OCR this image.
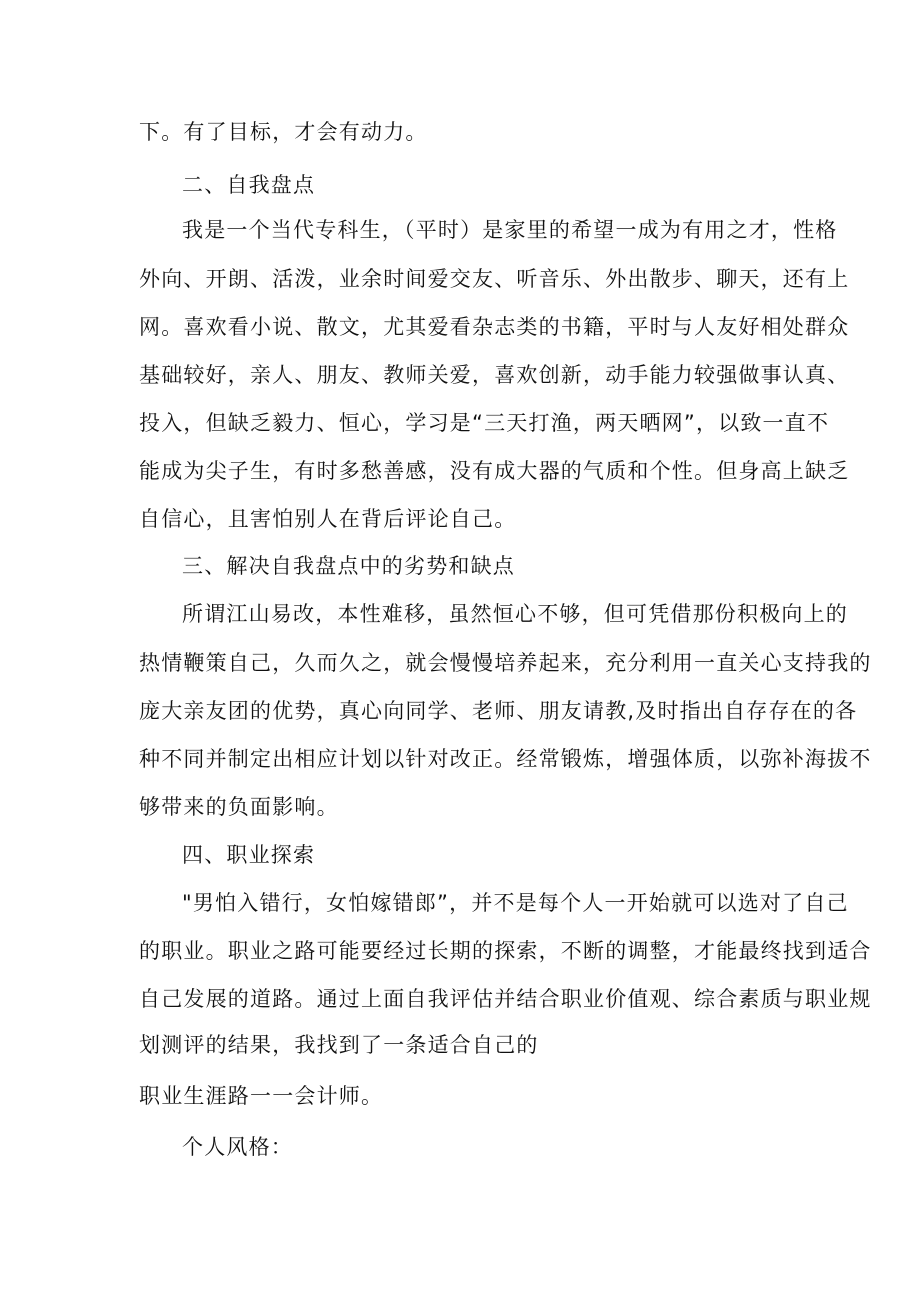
下。有了目标，才会有动力。
二、自我盘点
我是一个当代专科生，（平时）是家里的希望一成为有用之才，性格
外向、开朗、活泼，业余时间爱交友、听音乐、外出散步、聊天，还有上
网。喜欢看小说、散文，尤其爱看杂志类的书籍，平时与人友好相处群众
基础较好，亲人、朋友、教师关爱，喜欢创新，动手能力较强做事认真、
投入，但缺乏毅力、恒心，学习是“三天打渔，两天晒网”，以致一直不
能成为尖子生，有时多愁善感，没有成大器的气质和个性。但身高上缺乏
自信心，且害怕别人在背后评论自己。
三、解决自我盘点中的劣势和缺点
所谓江山易改，本性难移，虽然恒心不够，但可凭借那份积极向上的
热情鞭策自己，久而久之，就会慢慢培养起来，充分利用一直关心支持我的
庞大亲友团的优势，真心向同学、老师、朋友请教,及时指出自存存在的各
种不同并制定出相应计划以针对改正。经常锻炼，增强体质，以弥补海拔不
够带来的负面影响。
四、职业探索
"男怕入错行，女怕嫁错郎”，并不是每个人一开始就可以选对了自己
的职业。职业之路可能要经过长期的探索，不断的调整，才能最终找到适合
自己发展的道路。通过上面自我评估并结合职业价值观、综合素质与职业规
划测评的结果，我找到了一条适合自己的
职业生涯路一一会计师。
个人风格：
